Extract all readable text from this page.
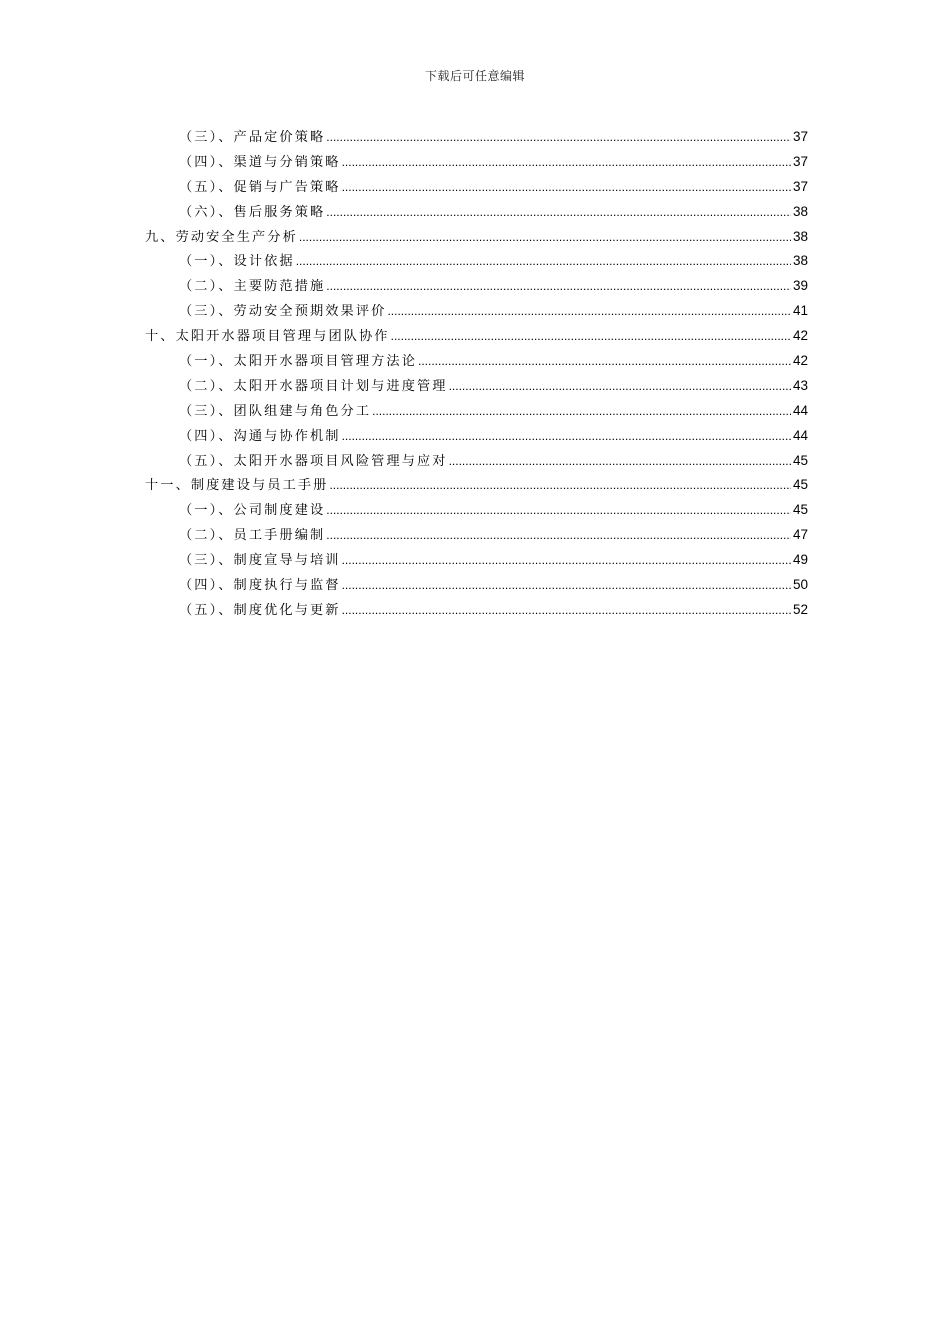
下载后可任意编辑
（三）、产品定价策略 .....	37
（四）、渠道与分销策略 .....	37
（五）、促销与广告策略 .....	37
（六）、售后服务策略 .....	38
九、劳动安全生产分析 .....	38
（一）、设计依据 .....	38
（二）、主要防范措施 .....	39
（三）、劳动安全预期效果评价 .....	41
十、太阳开水器项目管理与团队协作 .....	42
（一）、太阳开水器项目管理方法论 .....	42
（二）、太阳开水器项目计划与进度管理 .....	43
（三）、团队组建与角色分工 .....	44
（四）、沟通与协作机制 .....	44
（五）、太阳开水器项目风险管理与应对 .....	45
十一、制度建设与员工手册 .....	45
（一）、公司制度建设 .....	45
（二）、员工手册编制 .....	47
（三）、制度宣导与培训 .....	49
（四）、制度执行与监督 .....	50
（五）、制度优化与更新 .....	52
